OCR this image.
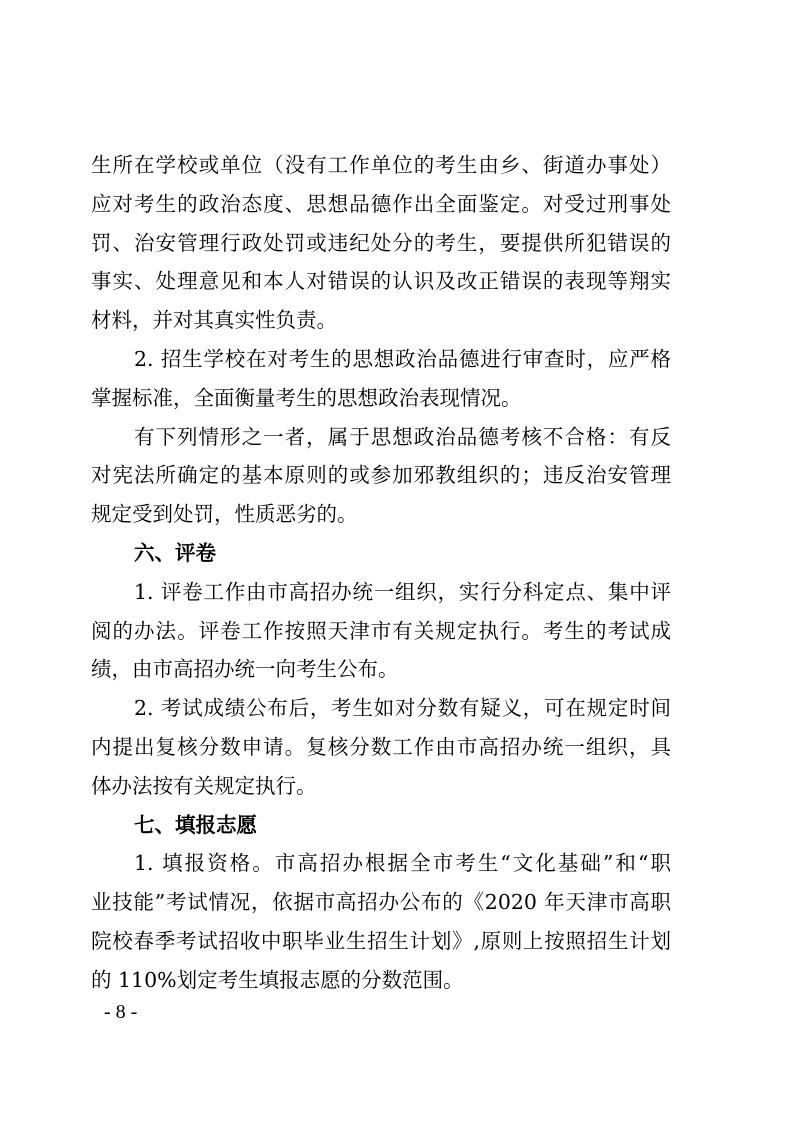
生所在学校或单位（没有工作单位的考生由乡、街道办事处）
应对考生的政治态度、思想品德作出全面鉴定。对受过刑事处
罚、治安管理行政处罚或违纪处分的考生，要提供所犯错误的
事实、处理意见和本人对错误的认识及改正错误的表现等翔实
材料，并对其真实性负责。
2. 招生学校在对考生的思想政治品德进行审查时，应严格
掌握标准，全面衡量考生的思想政治表现情况。
有下列情形之一者，属于思想政治品德考核不合格：有反
对宪法所确定的基本原则的或参加邪教组织的；违反治安管理
规定受到处罚，性质恶劣的。
六、评卷
1. 评卷工作由市高招办统一组织，实行分科定点、集中评
阅的办法。评卷工作按照天津市有关规定执行。考生的考试成
绩，由市高招办统一向考生公布。
2. 考试成绩公布后，考生如对分数有疑义，可在规定时间
内提出复核分数申请。复核分数工作由市高招办统一组织，具
体办法按有关规定执行。
七、填报志愿
1. 填报资格。市高招办根据全市考生“文化基础”和“职
业技能”考试情况，依据市高招办公布的《2020 年天津市高职
院校春季考试招收中职毕业生招生计划》,原则上按照招生计划
的 110%划定考生填报志愿的分数范围。
- 8 -
